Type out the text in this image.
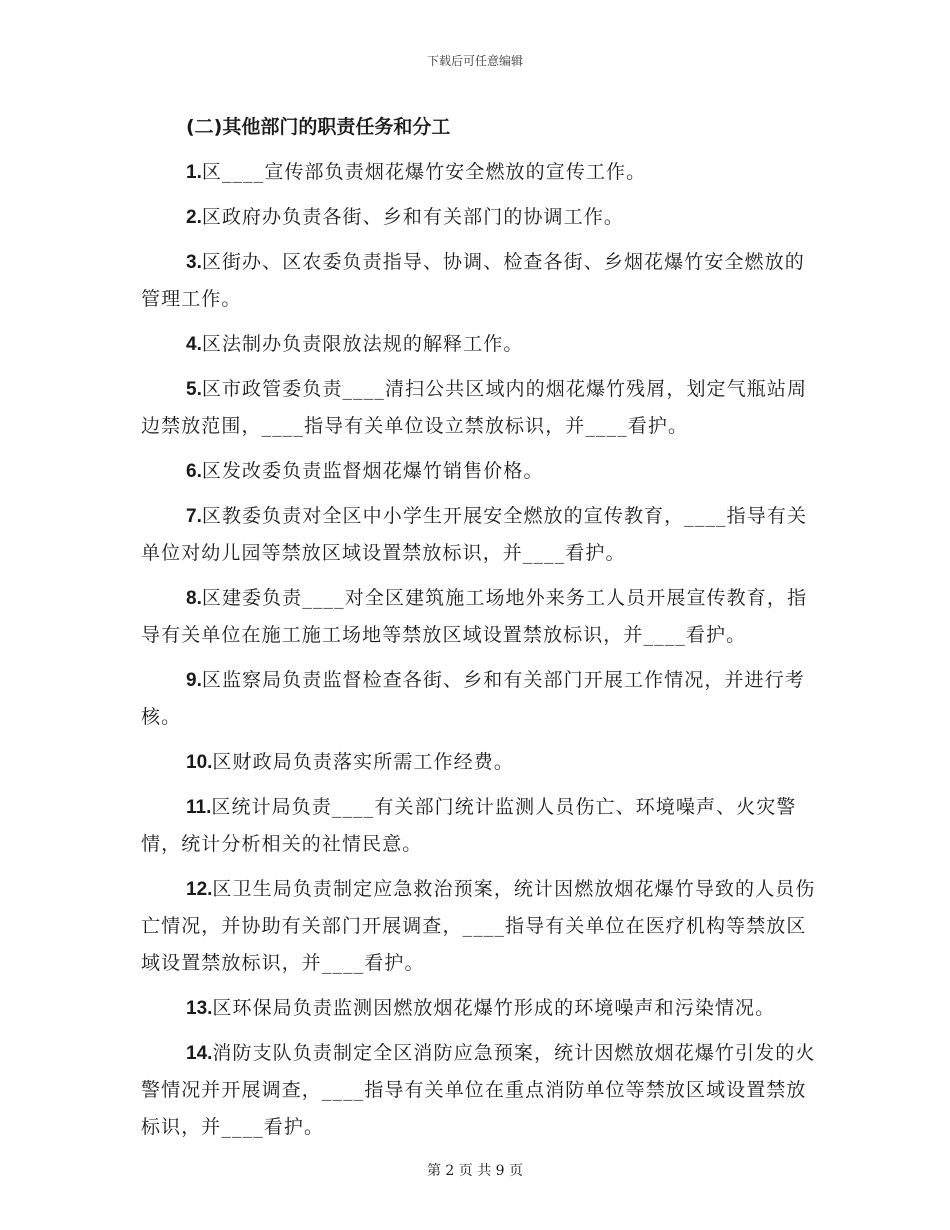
下载后可任意编辑
(二)其他部门的职责任务和分工

1.区____宣传部负责烟花爆竹安全燃放的宣传工作。

2.区政府办负责各街、乡和有关部门的协调工作。

3.区街办、区农委负责指导、协调、检查各街、乡烟花爆竹安全燃放的管理工作。

4.区法制办负责限放法规的解释工作。

5.区市政管委负责____清扫公共区域内的烟花爆竹残屑，划定气瓶站周边禁放范围，____指导有关单位设立禁放标识，并____看护。

6.区发改委负责监督烟花爆竹销售价格。

7.区教委负责对全区中小学生开展安全燃放的宣传教育，____指导有关单位对幼儿园等禁放区域设置禁放标识，并____看护。

8.区建委负责____对全区建筑施工场地外来务工人员开展宣传教育，指导有关单位在施工施工场地等禁放区域设置禁放标识，并____看护。

9.区监察局负责监督检查各街、乡和有关部门开展工作情况，并进行考核。

10.区财政局负责落实所需工作经费。

11.区统计局负责____有关部门统计监测人员伤亡、环境噪声、火灾警情，统计分析相关的社情民意。

12.区卫生局负责制定应急救治预案，统计因燃放烟花爆竹导致的人员伤亡情况，并协助有关部门开展调查，____指导有关单位在医疗机构等禁放区域设置禁放标识，并____看护。

13.区环保局负责监测因燃放烟花爆竹形成的环境噪声和污染情况。

14.消防支队负责制定全区消防应急预案，统计因燃放烟花爆竹引发的火警情况并开展调查，____指导有关单位在重点消防单位等禁放区域设置禁放标识，并____看护。

第 2 页 共 9 页
